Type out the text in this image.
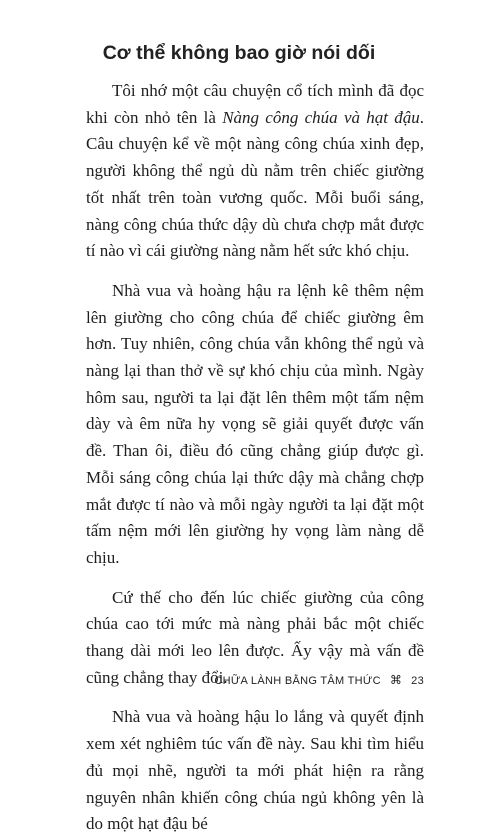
Cơ thể không bao giờ nói dối

Tôi nhớ một câu chuyện cổ tích mình đã đọc khi còn nhỏ tên là Nàng công chúa và hạt đậu. Câu chuyện kể về một nàng công chúa xinh đẹp, người không thể ngủ dù nằm trên chiếc giường tốt nhất trên toàn vương quốc. Mỗi buổi sáng, nàng công chúa thức dậy dù chưa chợp mắt được tí nào vì cái giường nàng nằm hết sức khó chịu.

Nhà vua và hoàng hậu ra lệnh kê thêm nệm lên giường cho công chúa để chiếc giường êm hơn. Tuy nhiên, công chúa vẫn không thể ngủ và nàng lại than thở về sự khó chịu của mình. Ngày hôm sau, người ta lại đặt lên thêm một tấm nệm dày và êm nữa hy vọng sẽ giải quyết được vấn đề. Than ôi, điều đó cũng chẳng giúp được gì. Mỗi sáng công chúa lại thức dậy mà chẳng chợp mắt được tí nào và mỗi ngày người ta lại đặt một tấm nệm mới lên giường hy vọng làm nàng dễ chịu.

Cứ thế cho đến lúc chiếc giường của công chúa cao tới mức mà nàng phải bắc một chiếc thang dài mới leo lên được. Ấy vậy mà vấn đề cũng chẳng thay đổi.

Nhà vua và hoàng hậu lo lắng và quyết định xem xét nghiêm túc vấn đề này. Sau khi tìm hiểu đủ mọi nhẽ, người ta mới phát hiện ra rằng nguyên nhân khiến công chúa ngủ không yên là do một hạt đậu bé

CHỮA LÀNH BẰNG TÂM THỨC ⌘ 23
